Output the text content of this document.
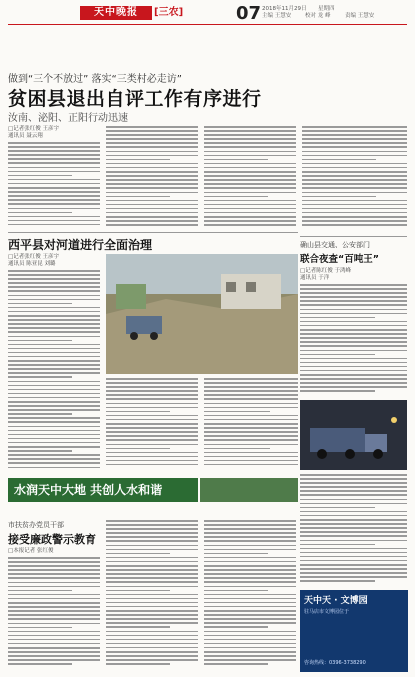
天中晚报	[三农]	07 2018年11月29日 星期四
主编 王慧安	校对 龙 峰	责编 王慧安
做到“三个不放过” 落实“三类村必走访”
贫困县退出自评工作有序进行
汝南、泌阳、正阳行动迅速
□记者张红俊 王彦宇
通讯员 聂云翔
西平县对河道进行全面治理
□记者张红俊 王彦宇
通讯员 陈亚昆 刘璐
确山县交通、公安部门
联合夜查“百吨王”
□记者陈红俊 于鸿峰
通讯员 于洋
水润天中大地 共创人水和谐
市扶贫办党员干部
接受廉政警示教育
□本报记者 张红俊
天中天 · 文博园
驻马店市文博园位于
咨询热线：0396-3738290
